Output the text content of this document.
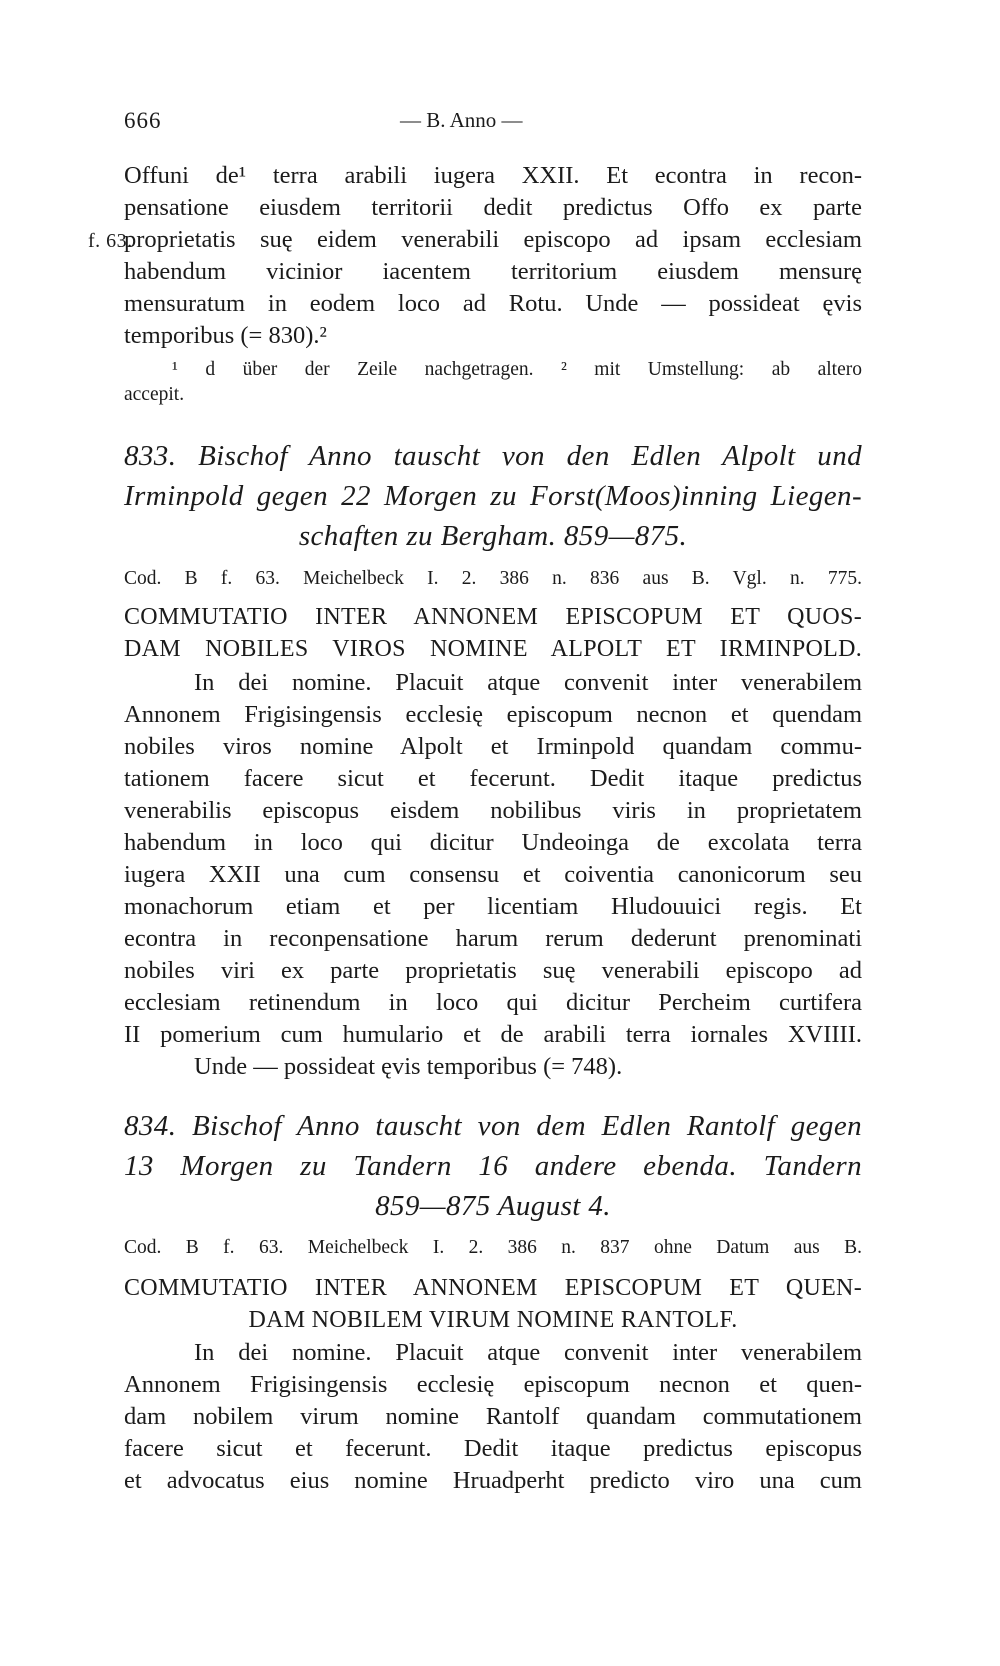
666	— B. Anno —
f. 63.
Offuni de¹ terra arabili iugera XXII. Et econtra in recon-
pensatione eiusdem territorii dedit predictus Offo ex parte
proprietatis suę eidem venerabili episcopo ad ipsam ecclesiam
habendum vicinior iacentem territorium eiusdem mensurę
mensuratum in eodem loco ad Rotu. Unde — possideat ęvis
temporibus (= 830).²
¹ d über der Zeile nachgetragen. ² mit Umstellung: ab altero
accepit.
833. Bischof Anno tauscht von den Edlen Alpolt und
Irminpold gegen 22 Morgen zu Forst(Moos)inning Liegen-
schaften zu Bergham. 859—875.
Cod. B f. 63. Meichelbeck I. 2. 386 n. 836 aus B. Vgl. n. 775.
COMMUTATIO INTER ANNONEM EPISCOPUM ET QUOS-
DAM NOBILES VIROS NOMINE ALPOLT ET IRMINPOLD.
In dei nomine. Placuit atque convenit inter venerabilem
Annonem Frigisingensis ecclesię episcopum necnon et quendam
nobiles viros nomine Alpolt et Irminpold quandam commu-
tationem facere sicut et fecerunt. Dedit itaque predictus
venerabilis episcopus eisdem nobilibus viris in proprietatem
habendum in loco qui dicitur Undeoinga de excolata terra
iugera XXII una cum consensu et coiventia canonicorum seu
monachorum etiam et per licentiam Hludouuici regis. Et
econtra in reconpensatione harum rerum dederunt prenominati
nobiles viri ex parte proprietatis suę venerabili episcopo ad
ecclesiam retinendum in loco qui dicitur Percheim curtifera
II pomerium cum humulario et de arabili terra iornales XVIIII.
Unde — possideat ęvis temporibus (= 748).
834. Bischof Anno tauscht von dem Edlen Rantolf gegen
13 Morgen zu Tandern 16 andere ebenda. Tandern
859—875 August 4.
Cod. B f. 63. Meichelbeck I. 2. 386 n. 837 ohne Datum aus B.
COMMUTATIO INTER ANNONEM EPISCOPUM ET QUEN-
DAM NOBILEM VIRUM NOMINE RANTOLF.
In dei nomine. Placuit atque convenit inter venerabilem
Annonem Frigisingensis ecclesię episcopum necnon et quen-
dam nobilem virum nomine Rantolf quandam commutationem
facere sicut et fecerunt. Dedit itaque predictus episcopus
et advocatus eius nomine Hruadperht predicto viro una cum
